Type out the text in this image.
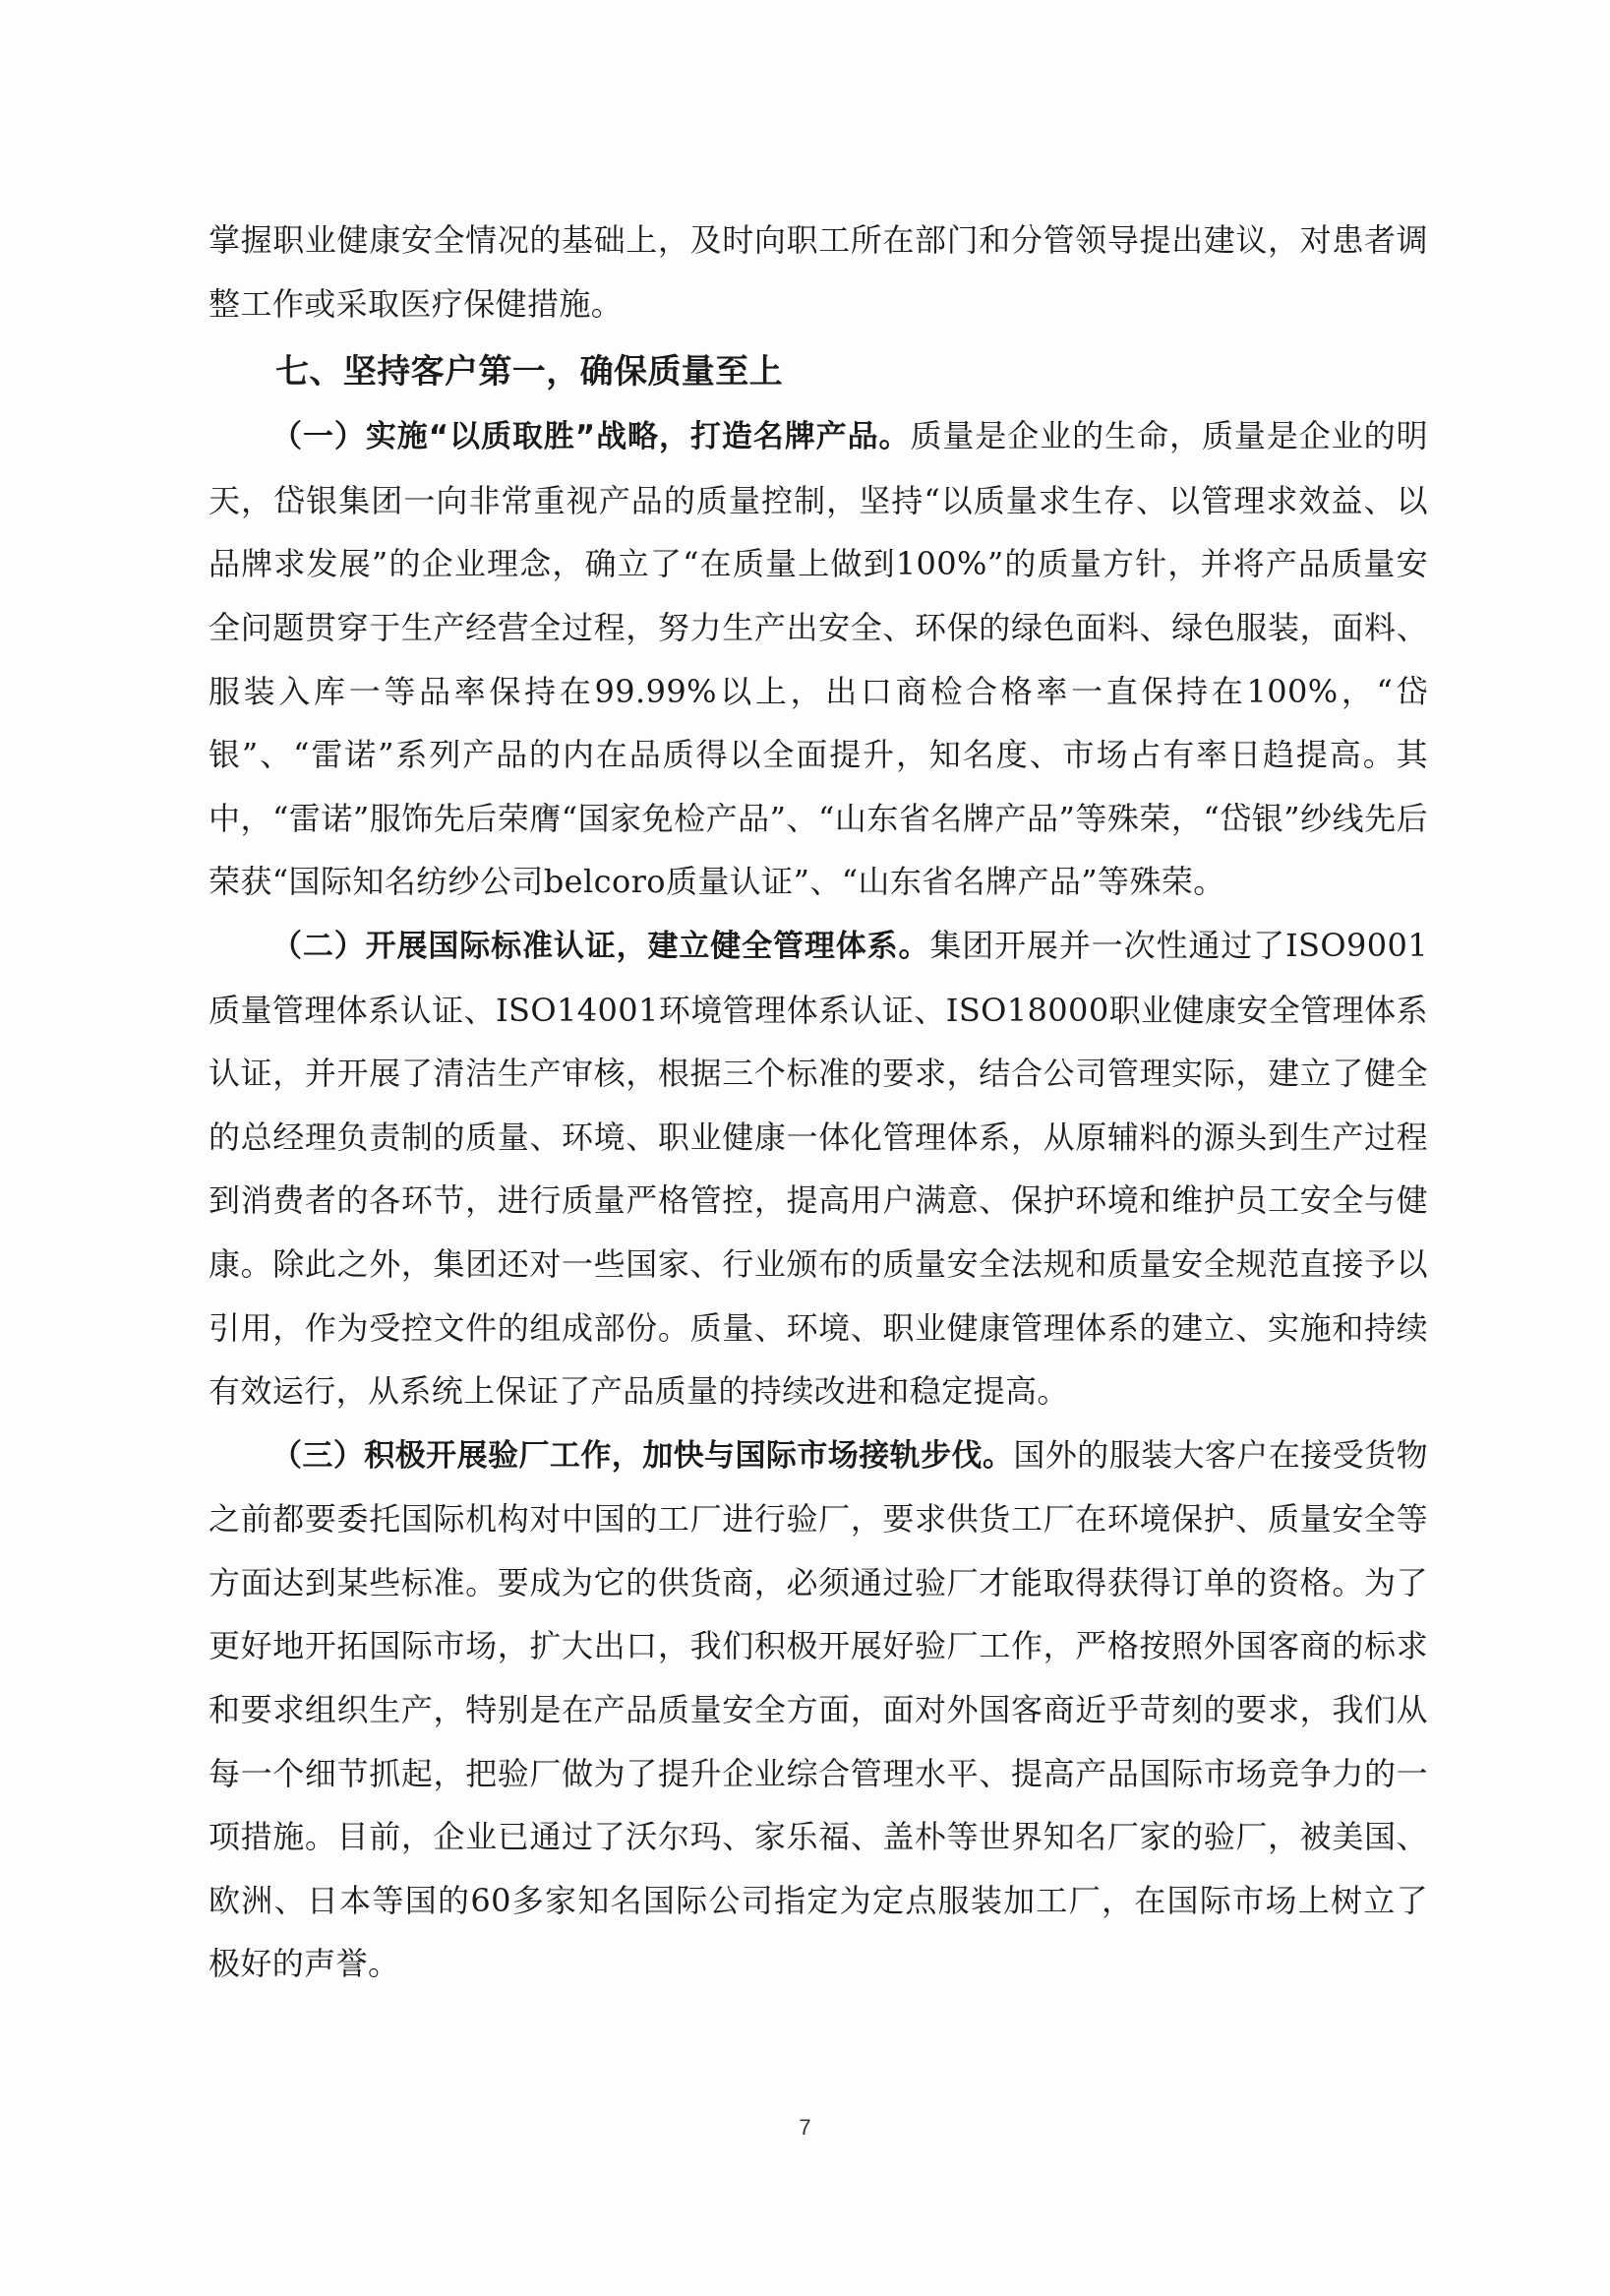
掌握职业健康安全情况的基础上，及时向职工所在部门和分管领导提出建议，对患者调整工作或采取医疗保健措施。

七、坚持客户第一，确保质量至上

（一）实施“以质取胜”战略，打造名牌产品。质量是企业的生命，质量是企业的明天，岱银集团一向非常重视产品的质量控制，坚持“以质量求生存、以管理求效益、以品牌求发展”的企业理念，确立了“在质量上做到100%”的质量方针，并将产品质量安全问题贯穿于生产经营全过程，努力生产出安全、环保的绿色面料、绿色服装，面料、服装入库一等品率保持在99.99%以上，出口商检合格率一直保持在100%，“岱银”、“雷诺”系列产品的内在品质得以全面提升，知名度、市场占有率日趋提高。其中，“雷诺”服饰先后荣膺“国家免检产品”、“山东省名牌产品”等殊荣，“岱银”纱线先后荣获“国际知名纺纱公司belcoro质量认证”、“山东省名牌产品”等殊荣。

（二）开展国际标准认证，建立健全管理体系。集团开展并一次性通过了ISO9001质量管理体系认证、ISO14001环境管理体系认证、ISO18000职业健康安全管理体系认证，并开展了清洁生产审核，根据三个标准的要求，结合公司管理实际，建立了健全的总经理负责制的质量、环境、职业健康一体化管理体系，从原辅料的源头到生产过程到消费者的各环节，进行质量严格管控，提高用户满意、保护环境和维护员工安全与健康。除此之外，集团还对一些国家、行业颁布的质量安全法规和质量安全规范直接予以引用，作为受控文件的组成部份。质量、环境、职业健康管理体系的建立、实施和持续有效运行，从系统上保证了产品质量的持续改进和稳定提高。

（三）积极开展验厂工作，加快与国际市场接轨步伐。国外的服装大客户在接受货物之前都要委托国际机构对中国的工厂进行验厂，要求供货工厂在环境保护、质量安全等方面达到某些标准。要成为它的供货商，必须通过验厂才能取得获得订单的资格。为了更好地开拓国际市场，扩大出口，我们积极开展好验厂工作，严格按照外国客商的标求和要求组织生产，特别是在产品质量安全方面，面对外国客商近乎苛刻的要求，我们从每一个细节抓起，把验厂做为了提升企业综合管理水平、提高产品国际市场竞争力的一项措施。目前，企业已通过了沃尔玛、家乐福、盖朴等世界知名厂家的验厂，被美国、欧洲、日本等国的60多家知名国际公司指定为定点服装加工厂，在国际市场上树立了极好的声誉。

7
